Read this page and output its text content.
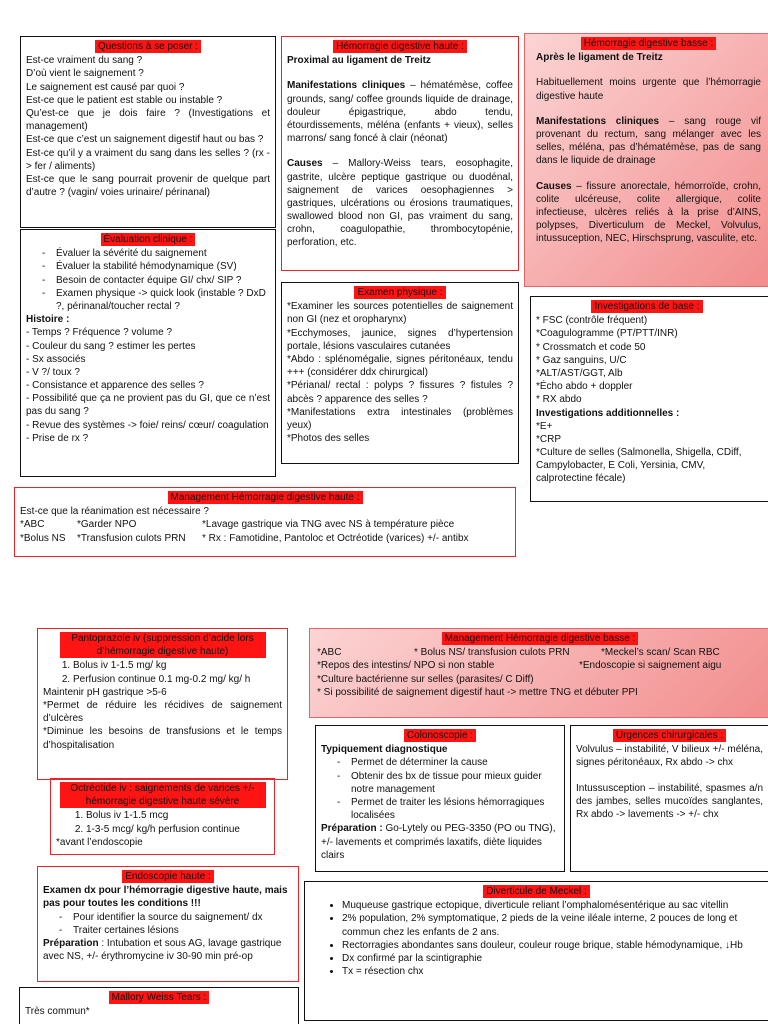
Questions à se poser :

Est-ce vraiment du sang ?

D’où vient le saignement ?

Le saignement est causé par quoi ?

Est-ce que le patient est stable ou instable ?

Qu’est-ce que je dois faire ? (Investigations et management)

Est-ce que c’est un saignement digestif haut ou bas ?

Est-ce qu’il y a vraiment du sang dans les selles ? (rx -> fer / aliments)

Est-ce que le sang pourrait provenir de quelque part d’autre ? (vagin/ voies urinaire/ périnanal)

Hémorragie digestive haute :

Proximal au ligament de Treitz

Manifestations cliniques – hématémèse, coffee grounds, sang/ coffee grounds liquide de drainage, douleur épigastrique, abdo tendu, étourdissements, méléna (enfants + vieux), selles marrons/ sang foncé à clair (néonat)

Causes – Mallory-Weiss tears, eosophagite, gastrite, ulcère peptique gastrique ou duodénal, saignement de varices oesophagiennes > gastriques, ulcérations ou érosions traumatiques, swallowed blood non GI, pas vraiment du sang, crohn, coagulopathie, thrombocytopénie, perforation, etc.

Hémorragie digestive basse :

Après le ligament de Treitz

Habituellement moins urgente que l’hémorragie digestive haute

Manifestations cliniques – sang rouge vif provenant du rectum, sang mélanger avec les selles, méléna, pas d’hématémèse, pas de sang dans le liquide de drainage

Causes – fissure anorectale, hémorroïde, crohn, colite ulcéreuse, colite allergique, colite infectieuse, ulcères reliés à la prise d’AINS, polypses, Diverticulum de Meckel, Volvulus, intussuception, NEC, Hirschsprung, vasculite, etc.

Évaluation clinique :
- Évaluer la sévérité du saignement
- Évaluer la stabilité hémodynamique (SV)
- Besoin de contacter équipe GI/ chx/ SIP ?
- Examen physique -> quick look (instable ? DxD ?, périnanal/toucher rectal ?

Histoire :

- Temps ? Fréquence ? volume ?

- Couleur du sang ? estimer les pertes

- Sx associés

- V ?/ toux ?

- Consistance et apparence des selles ?

- Possibilité que ça ne provient pas du GI, que ce n’est pas du sang ?

- Revue des systèmes -> foie/ reins/ cœur/ coagulation

- Prise de rx ?

Examen physique :

*Examiner les sources potentielles de saignement non GI (nez et oropharynx)

*Ecchymoses, jaunice, signes d’hypertension portale, lésions vasculaires cutanées

*Abdo : splénomégalie, signes péritonéaux, tendu +++ (considérer ddx chirurgical)

*Périanal/ rectal : polyps ? fissures ? fistules ? abcès ? apparence des selles ?

*Manifestations extra intestinales (problèmes yeux)

*Photos des selles

Investigations de base :

* FSC (contrôle fréquent)

*Coagulogramme (PT/PTT/INR)

* Crossmatch et code 50

* Gaz sanguins, U/C

*ALT/AST/GGT, Alb

*Écho abdo + doppler

* RX abdo

Investigations additionnelles :

*E+

*CRP

*Culture de selles (Salmonella, Shigella, CDiff, Campylobacter, E Coli, Yersinia, CMV, calprotectine fécale)

Management Hémorragie digestive haute :

Est-ce que la réanimation est nécessaire ?

*ABC	*Garder NPO	*Lavage gastrique via TNG avec NS à température pièce
*Bolus NS	*Transfusion culots PRN	* Rx : Famotidine, Pantoloc et Octréotide (varices) +/- antibx
Pantoprazole iv (suppression d’acide lors d’hémorragie digestive haute)
1. Bolus iv 1-1.5 mg/ kg
2. Perfusion continue 0.1 mg-0.2 mg/ kg/ h

Maintenir pH gastrique >5-6

*Permet de réduire les récidives de saignement d’ulcères

*Diminue les besoins de transfusions et le temps d’hospitalisation

Management Hémorragie digestive basse :
*ABC	* Bolus NS/ transfusion culots PRN	*Meckel’s scan/ Scan RBC
*Repos des intestins/ NPO si non stable	*Endoscopie si saignement aigu

*Culture bactérienne sur selles (parasites/ C Diff)

* Si possibilité de saignement digestif haut -> mettre TNG et débuter PPI

Colonoscopie :

Typiquement diagnostique

- Permet de déterminer la cause
- Obtenir des bx de tissue pour mieux guider notre management
- Permet de traiter les lésions hémorragiques localisées

Préparation : Go-Lytely ou PEG-3350 (PO ou TNG), +/- lavements et comprimés laxatifs, diète liquides clairs

Urgences chirurgicales :

Volvulus – instabilité, V bilieux +/- méléna, signes péritonéaux, Rx abdo -> chx

Intussusception – instabilité, spasmes a/n des jambes, selles mucoïdes sanglantes, Rx abdo -> lavements -> +/- chx

Octréotide iv : saignements de varices +/- hémorragie digestive haute sévère
1. Bolus iv 1-1.5 mcg
2. 1-3-5 mcg/ kg/h perfusion continue

*avant l’endoscopie

Endoscopie haute :

Examen dx pour l’hémorragie digestive haute, mais pas pour toutes les conditions !!!

- Pour identifier la source du saignement/ dx
- Traiter certaines lésions

Préparation : Intubation et sous AG, lavage gastrique avec NS, +/- érythromycine iv 30-90 min pré-op

Diverticule de Meckel :
• Muqueuse gastrique ectopique, diverticule reliant l’omphalomésentérique au sac vitellin
• 2% population, 2% symptomatique, 2 pieds de la veine iléale interne, 2 pouces de long et commun chez les enfants de 2 ans.
• Rectorragies abondantes sans douleur, couleur rouge brique, stable hémodynamique, ↓Hb
• Dx confirmé par la scintigraphie
• Tx = résection chx
Mallory Weiss Tears :

Très commun*
